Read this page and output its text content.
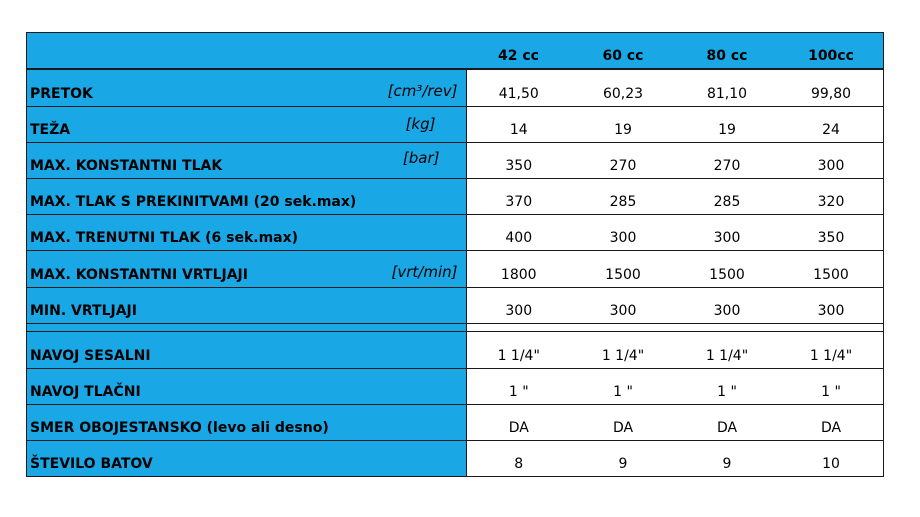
	42 cc	60 cc	80 cc	100cc
PRETOK [cm³/rev]	41,50	60,23	81,10	99,80
TEŽA [kg]	14	19	19	24
MAX. KONSTANTNI TLAK [bar]	350	270	270	300
MAX. TLAK S PREKINITVAMI (20 sek.max)	370	285	285	320
MAX. TRENUTNI TLAK (6 sek.max)	400	300	300	350
MAX. KONSTANTNI VRTLJAJI [vrt/min]	1800	1500	1500	1500
MIN. VRTLJAJI	300	300	300	300

NAVOJ SESALNI	1 1/4"	1 1/4"	1 1/4"	1 1/4"
NAVOJ TLAČNI	1 "	1 "	1 "	1 "
SMER OBOJESTANSKO (levo ali desno)	DA	DA	DA	DA
ŠTEVILO BATOV	8	9	9	10
